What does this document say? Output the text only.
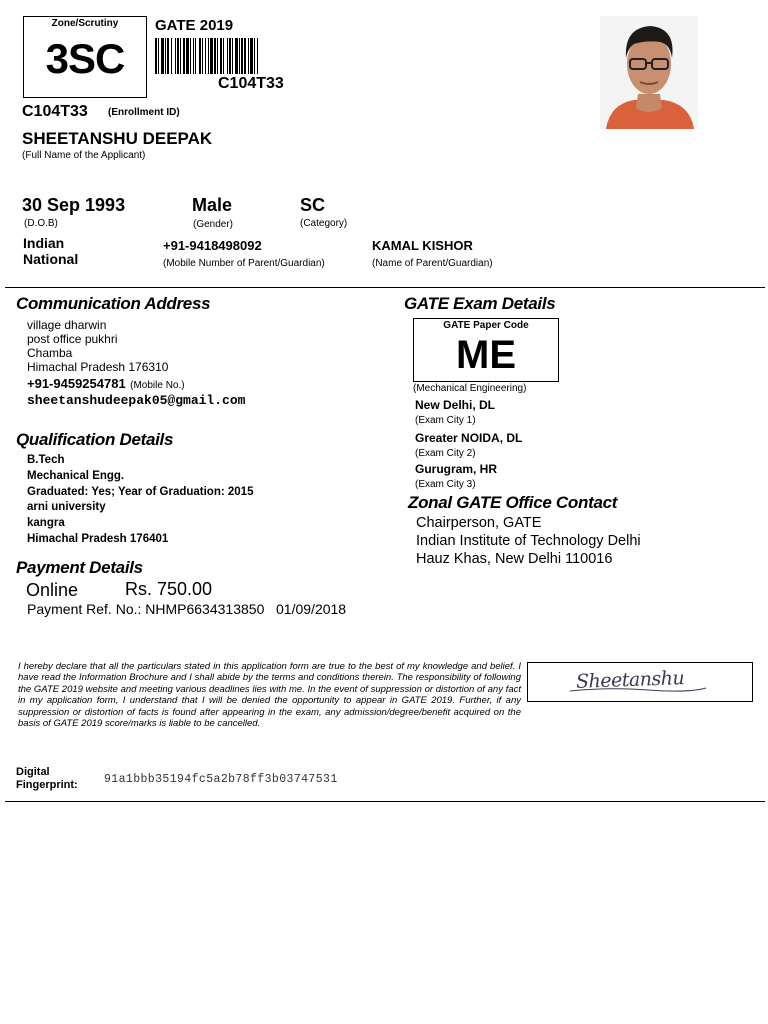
Zone/Scrutiny
3SC
GATE 2019
C104T33
C104T33 (Enrollment ID)
SHEETANSHU DEEPAK
(Full Name of the Applicant)
30 Sep 1993
(D.O.B)
Male
(Gender)
SC
(Category)
Indian
National
+91-9418498092
(Mobile Number of Parent/Guardian)
KAMAL KISHOR
(Name of Parent/Guardian)
Communication Address
village dharwin
post office pukhri
Chamba
Himachal Pradesh 176310
+91-9459254781 (Mobile No.)
sheetanshudeepak05@gmail.com
Qualification Details
B.Tech
Mechanical Engg.
Graduated: Yes; Year of Graduation: 2015
arni university
kangra
Himachal Pradesh 176401
Payment Details
Online	Rs. 750.00
Payment Ref. No.: NHMP6634313850   01/09/2018
GATE Exam Details
GATE Paper Code
ME
(Mechanical Engineering)
New Delhi, DL
(Exam City 1)
Greater NOIDA, DL
(Exam City 2)
Gurugram, HR
(Exam City 3)
Zonal GATE Office Contact
Chairperson, GATE
Indian Institute of Technology Delhi
Hauz Khas, New Delhi 110016
I hereby declare that all the particulars stated in this application form are true to the best of my knowledge and belief. I have read the Information Brochure and I shall abide by the terms and conditions therein. The responsibility of following the GATE 2019 website and meeting various deadlines lies with me. In the event of suppression or distortion of any fact in my application form, I understand that I will be denied the opportunity to appear in GATE 2019. Further, if any suppression or distortion of facts is found after appearing in the exam, any admission/degree/benefit acquired on the basis of GATE 2019 score/marks is liable to be cancelled.
Sheetanshu
Digital
Fingerprint: 91a1bbb35194fc5a2b78ff3b03747531
